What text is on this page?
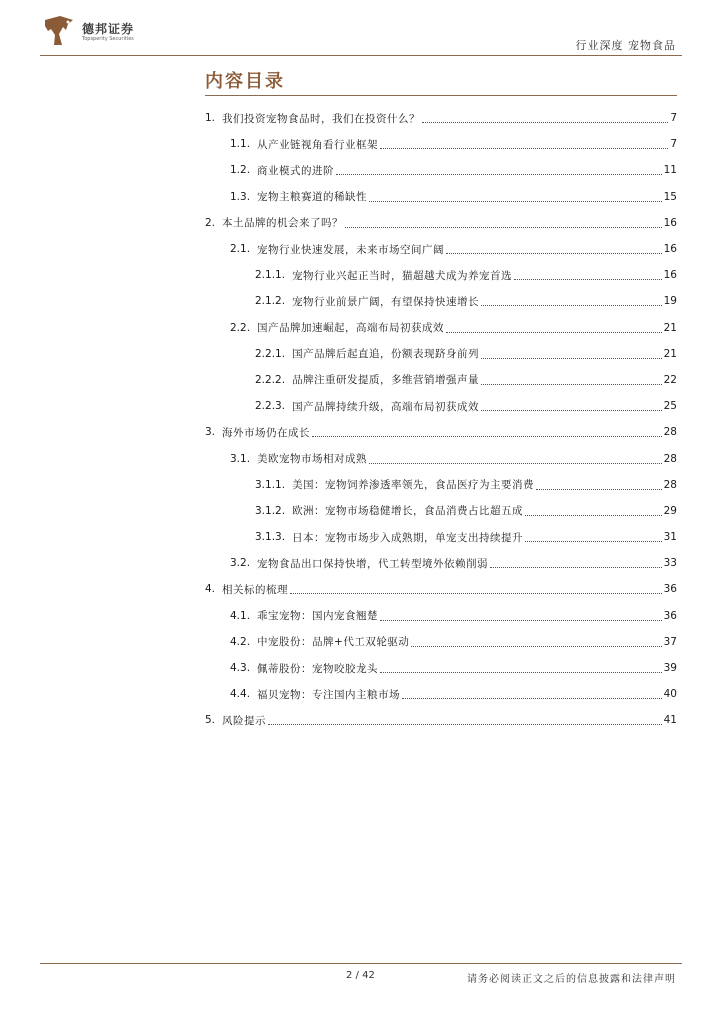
德邦证券
Topsperity Securities	行业深度 宠物食品
内容目录
1. 我们投资宠物食品时，我们在投资什么？	7
1.1. 从产业链视角看行业框架	7
1.2. 商业模式的进阶	11
1.3. 宠物主粮赛道的稀缺性	15
2. 本土品牌的机会来了吗？	16
2.1. 宠物行业快速发展，未来市场空间广阔	16
2.1.1. 宠物行业兴起正当时，猫超越犬成为养宠首选	16
2.1.2. 宠物行业前景广阔，有望保持快速增长	19
2.2. 国产品牌加速崛起，高端布局初获成效	21
2.2.1. 国产品牌后起直追，份额表现跻身前列	21
2.2.2. 品牌注重研发提质，多维营销增强声量	22
2.2.3. 国产品牌持续升级，高端布局初获成效	25
3. 海外市场仍在成长	28
3.1. 美欧宠物市场相对成熟	28
3.1.1. 美国：宠物饲养渗透率领先，食品医疗为主要消费	28
3.1.2. 欧洲：宠物市场稳健增长，食品消费占比超五成	29
3.1.3. 日本：宠物市场步入成熟期，单宠支出持续提升	31
3.2. 宠物食品出口保持快增，代工转型境外依赖削弱	33
4. 相关标的梳理	36
4.1. 乖宝宠物：国内宠食翘楚	36
4.2. 中宠股份：品牌+代工双轮驱动	37
4.3. 佩蒂股份：宠物咬胶龙头	39
4.4. 福贝宠物：专注国内主粮市场	40
5. 风险提示	41
2 / 42	请务必阅读正文之后的信息披露和法律声明
